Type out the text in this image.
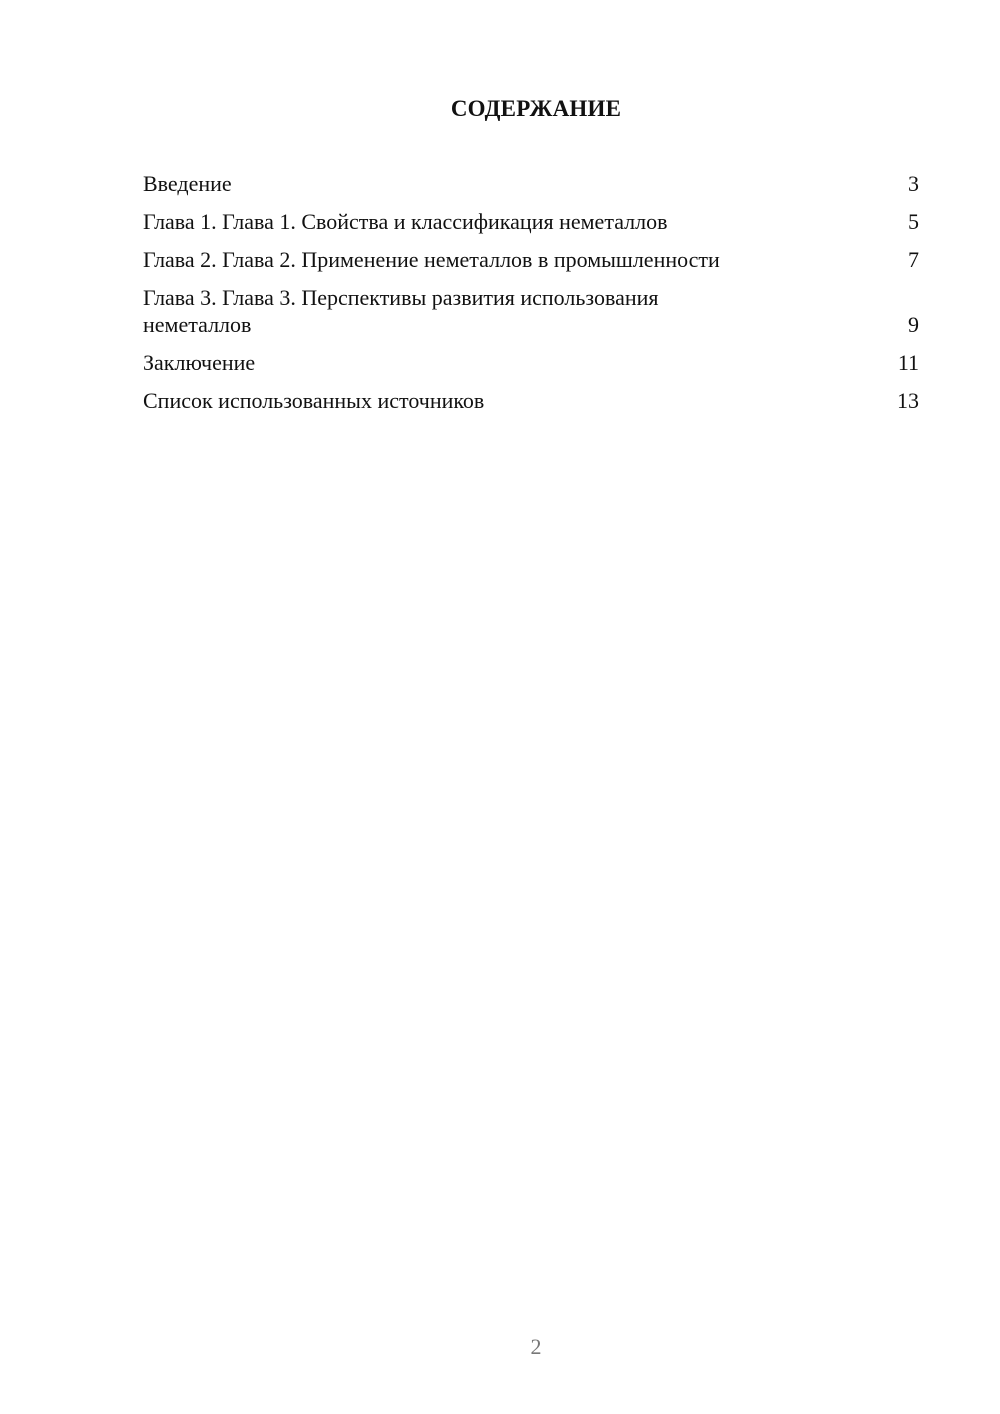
СОДЕРЖАНИЕ
Введение	3
Глава 1. Глава 1. Свойства и классификация неметаллов	5
Глава 2. Глава 2. Применение неметаллов в промышленности	7
Глава 3. Глава 3. Перспективы развития использования неметаллов	9
Заключение	11
Список использованных источников	13
2
